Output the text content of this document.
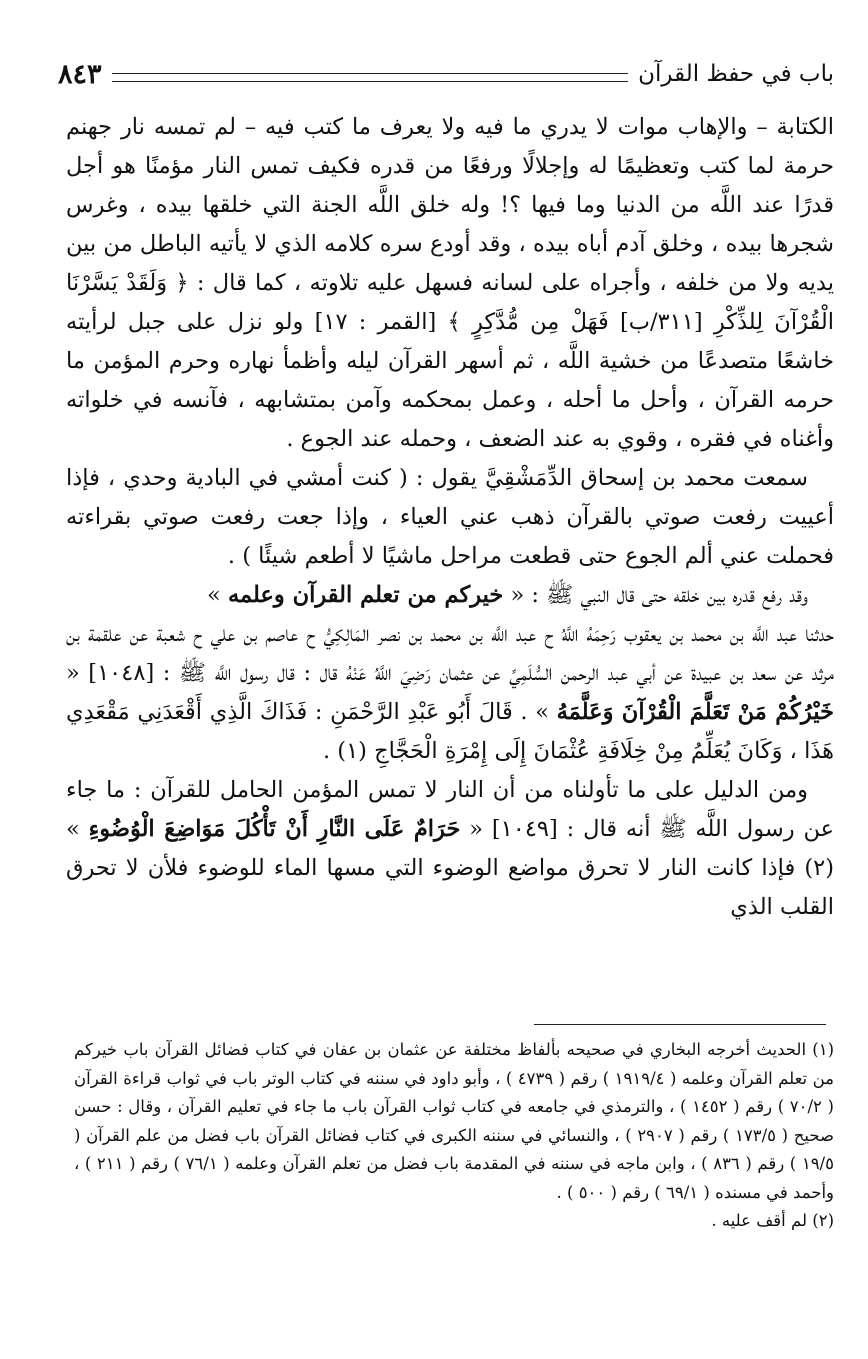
باب في حفظ القرآن
٨٤٣

الكتابة – والإهاب موات لا يدري ما فيه ولا يعرف ما كتب فيه – لم تمسه نار جهنم حرمة لما كتب وتعظيمًا له وإجلالًا ورفعًا من قدره فكيف تمس النار مؤمنًا هو أجل قدرًا عند اللَّه من الدنيا وما فيها ؟! وله خلق اللَّه الجنة التي خلقها بيده ، وغرس شجرها بيده ، وخلق آدم أباه بيده ، وقد أودع سره كلامه الذي لا يأتيه الباطل من بين يديه ولا من خلفه ، وأجراه على لسانه فسهل عليه تلاوته ، كما قال : ﴿ وَلَقَدْ يَسَّرْنَا الْقُرْآنَ لِلذِّكْرِ [٣١١/ب] فَهَلْ مِن مُّدَّكِرٍ ﴾ [القمر : ١٧] ولو نزل على جبل لرأيته خاشعًا متصدعًا من خشية اللَّه ، ثم أسهر القرآن ليله وأظمأ نهاره وحرم المؤمن ما حرمه القرآن ، وأحل ما أحله ، وعمل بمحكمه وآمن بمتشابهه ، فآنسه في خلواته وأغناه في فقره ، وقوي به عند الضعف ، وحمله عند الجوع .

سمعت محمد بن إسحاق الدِّمَشْقِيَّ يقول : ( كنت أمشي في البادية وحدي ، فإذا أعييت رفعت صوتي بالقرآن ذهب عني العياء ، وإذا جعت رفعت صوتي بقراءته فحملت عني ألم الجوع حتى قطعت مراحل ماشيًا لا أطعم شيئًا ) .

وقد رفع قدره بين خلقه حتى قال النبي ﷺ : « خيركم من تعلم القرآن وعلمه »

حدثنا عبد اللَّه بن محمد بن يعقوب رَحِمَهُ اللَّهُ ح عبد اللَّه بن محمد بن نصر المَالِكِيُّ ح عاصم بن علي ح شعبة عن علقمة بن مرثد عن سعد بن عبيدة عن أبي عبد الرحمن السُّلَمِيِّ عن عثمان رَضِيَ اللَّهُ عَنْهُ قال : قال رسول اللَّه ﷺ : [١٠٤٨] « خَيْرُكُمْ مَنْ تَعَلَّمَ الْقُرْآنَ وَعَلَّمَهُ » . قَالَ أَبُو عَبْدِ الرَّحْمَنِ : فَذَاكَ الَّذِي أَقْعَدَنِي مَقْعَدِي هَذَا ، وَكَانَ يُعَلِّمُ مِنْ خِلَافَةِ عُثْمَانَ إِلَى إِمْرَةِ الْحَجَّاجِ (١) .

ومن الدليل على ما تأولناه من أن النار لا تمس المؤمن الحامل للقرآن : ما جاء عن رسول اللَّه ﷺ أنه قال : [١٠٤٩] « حَرَامٌ عَلَى النَّارِ أَنْ تَأْكُلَ مَوَاضِعَ الْوُضُوءِ » (٢) فإذا كانت النار لا تحرق مواضع الوضوء التي مسها الماء للوضوء فلأن لا تحرق القلب الذي

(١) الحديث أخرجه البخاري في صحيحه بألفاظ مختلفة عن عثمان بن عفان في كتاب فضائل القرآن باب خيركم من تعلم القرآن وعلمه ( ١٩١٩/٤ ) رقم ( ٤٧٣٩ ) ، وأبو داود في سننه في كتاب الوتر باب في ثواب قراءة القرآن ( ٧٠/٢ ) رقم ( ١٤٥٢ ) ، والترمذي في جامعه في كتاب ثواب القرآن باب ما جاء في تعليم القرآن ، وقال : حسن صحيح ( ١٧٣/٥ ) رقم ( ٢٩٠٧ ) ، والنسائي في سننه الكبرى في كتاب فضائل القرآن باب فضل من علم القرآن ( ١٩/٥ ) رقم ( ٨٣٦ ) ، وابن ماجه في سننه في المقدمة باب فضل من تعلم القرآن وعلمه ( ٧٦/١ ) رقم ( ٢١١ ) ، وأحمد في مسنده ( ٦٩/١ ) رقم ( ٥٠٠ ) .

(٢) لم أقف عليه .
